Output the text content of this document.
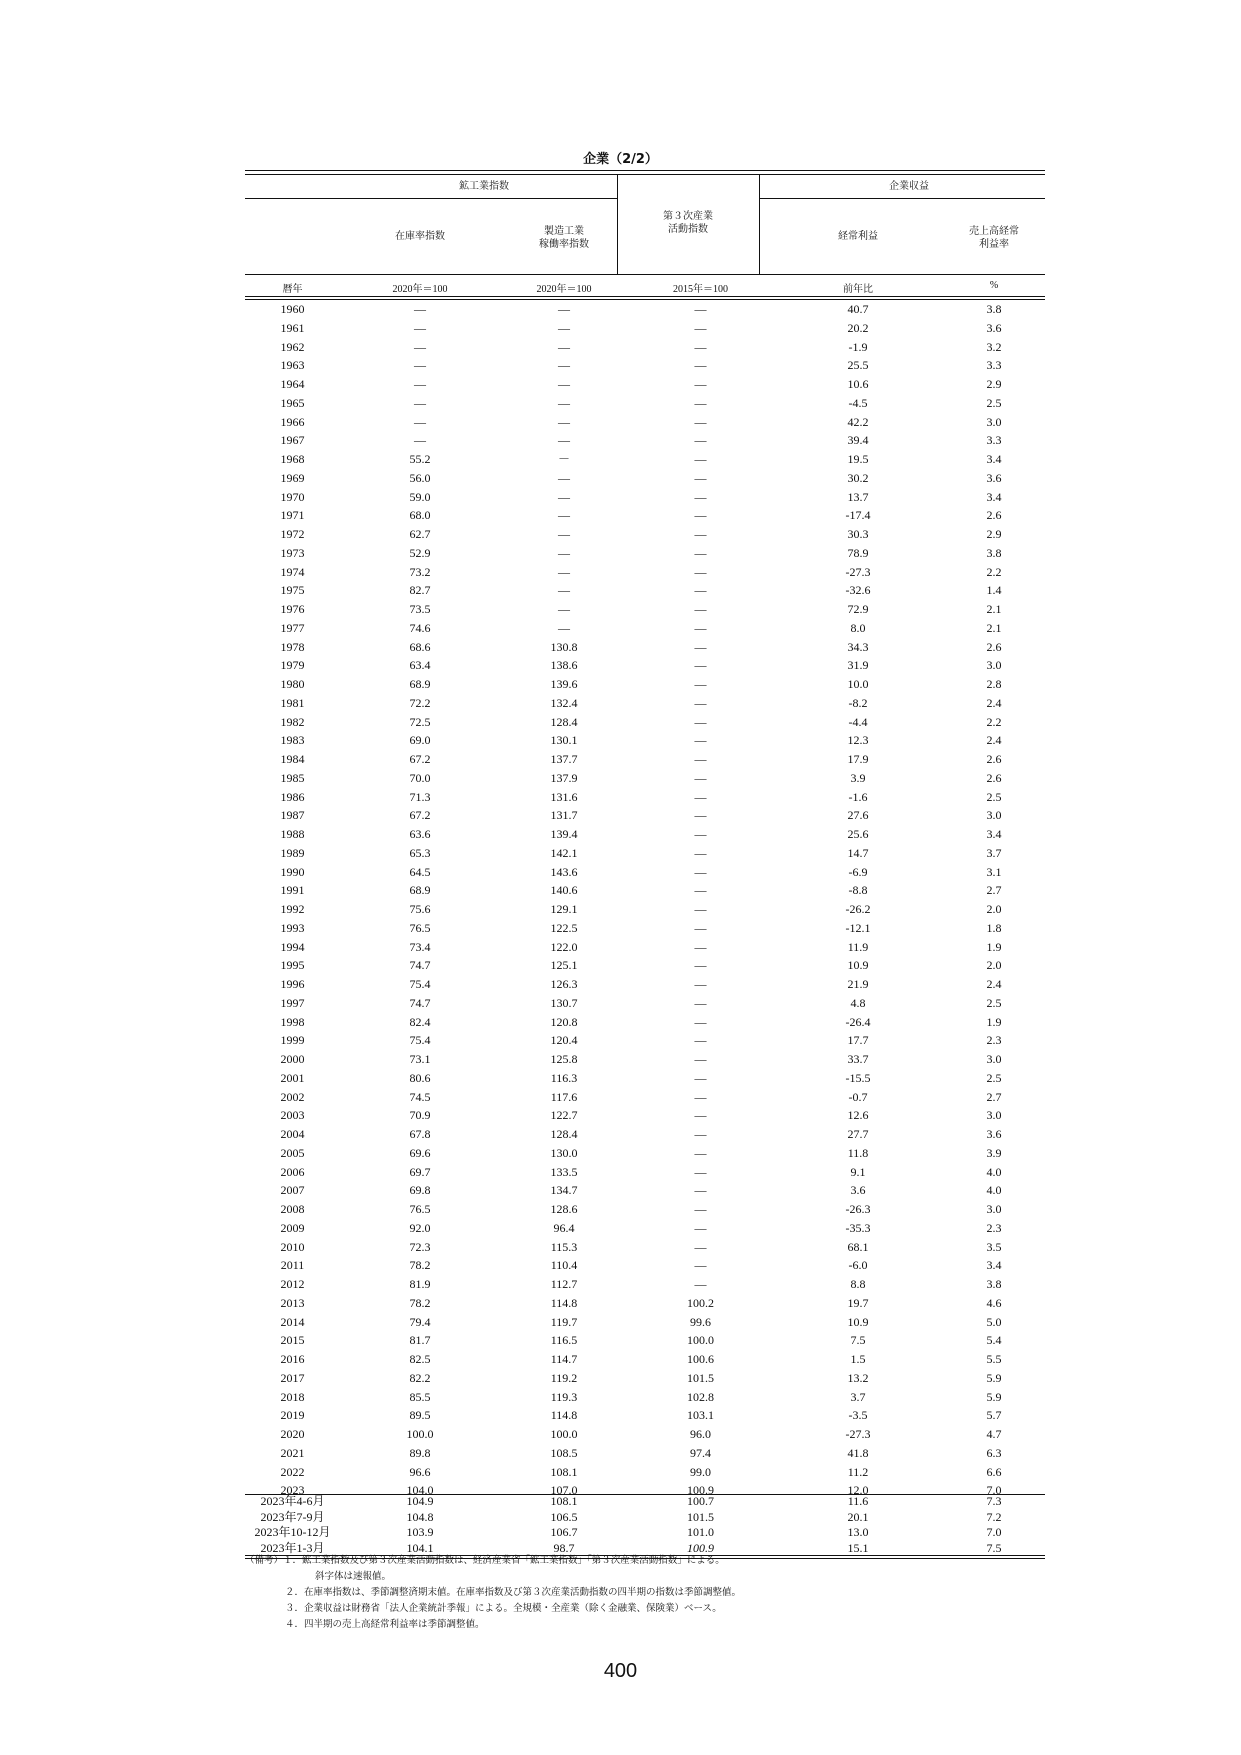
企業（2/2）
鉱工業指数	企業収益
在庫率指数	製造工業
稼働率指数
第３次産業
活動指数
経常利益	売上高経常
利益率
暦年	2020年＝100	2020年＝100	2015年＝100	前年比	%
1960	—	—	—	40.7	3.8
1961	—	—	—	20.2	3.6
1962	—	—	—	-1.9	3.2
1963	—	—	—	25.5	3.3
1964	—	—	—	10.6	2.9
1965	—	—	—	-4.5	2.5
1966	—	—	—	42.2	3.0
1967	—	—	—	39.4	3.3
1968	55.2	－	—	19.5	3.4
1969	56.0	—	—	30.2	3.6
1970	59.0	—	—	13.7	3.4
1971	68.0	—	—	-17.4	2.6
1972	62.7	—	—	30.3	2.9
1973	52.9	—	—	78.9	3.8
1974	73.2	—	—	-27.3	2.2
1975	82.7	—	—	-32.6	1.4
1976	73.5	—	—	72.9	2.1
1977	74.6	—	—	8.0	2.1
1978	68.6	130.8	—	34.3	2.6
1979	63.4	138.6	—	31.9	3.0
1980	68.9	139.6	—	10.0	2.8
1981	72.2	132.4	—	-8.2	2.4
1982	72.5	128.4	—	-4.4	2.2
1983	69.0	130.1	—	12.3	2.4
1984	67.2	137.7	—	17.9	2.6
1985	70.0	137.9	—	3.9	2.6
1986	71.3	131.6	—	-1.6	2.5
1987	67.2	131.7	—	27.6	3.0
1988	63.6	139.4	—	25.6	3.4
1989	65.3	142.1	—	14.7	3.7
1990	64.5	143.6	—	-6.9	3.1
1991	68.9	140.6	—	-8.8	2.7
1992	75.6	129.1	—	-26.2	2.0
1993	76.5	122.5	—	-12.1	1.8
1994	73.4	122.0	—	11.9	1.9
1995	74.7	125.1	—	10.9	2.0
1996	75.4	126.3	—	21.9	2.4
1997	74.7	130.7	—	4.8	2.5
1998	82.4	120.8	—	-26.4	1.9
1999	75.4	120.4	—	17.7	2.3
2000	73.1	125.8	—	33.7	3.0
2001	80.6	116.3	—	-15.5	2.5
2002	74.5	117.6	—	-0.7	2.7
2003	70.9	122.7	—	12.6	3.0
2004	67.8	128.4	—	27.7	3.6
2005	69.6	130.0	—	11.8	3.9
2006	69.7	133.5	—	9.1	4.0
2007	69.8	134.7	—	3.6	4.0
2008	76.5	128.6	—	-26.3	3.0
2009	92.0	96.4	—	-35.3	2.3
2010	72.3	115.3	—	68.1	3.5
2011	78.2	110.4	—	-6.0	3.4
2012	81.9	112.7	—	8.8	3.8
2013	78.2	114.8	100.2	19.7	4.6
2014	79.4	119.7	99.6	10.9	5.0
2015	81.7	116.5	100.0	7.5	5.4
2016	82.5	114.7	100.6	1.5	5.5
2017	82.2	119.2	101.5	13.2	5.9
2018	85.5	119.3	102.8	3.7	5.9
2019	89.5	114.8	103.1	-3.5	5.7
2020	100.0	100.0	96.0	-27.3	4.7
2021	89.8	108.5	97.4	41.8	6.3
2022	96.6	108.1	99.0	11.2	6.6
2023	104.0	107.0	100.9	12.0	7.0
2023年4-6月	104.9	108.1	100.7	11.6	7.3
2023年7-9月	104.8	106.5	101.5	20.1	7.2
2023年10-12月	103.9	106.7	101.0	13.0	7.0
2023年1-3月	104.1	98.7	100.9	15.1	7.5
（備考）１．鉱工業指数及び第３次産業活動指数は、経済産業省「鉱工業指数」「第３次産業活動指数」による。
斜字体は速報値。
２．在庫率指数は、季節調整済期末値。在庫率指数及び第３次産業活動指数の四半期の指数は季節調整値。
３．企業収益は財務省「法人企業統計季報」による。全規模・全産業（除く金融業、保険業）ベース。
４．四半期の売上高経常利益率は季節調整値。
400
